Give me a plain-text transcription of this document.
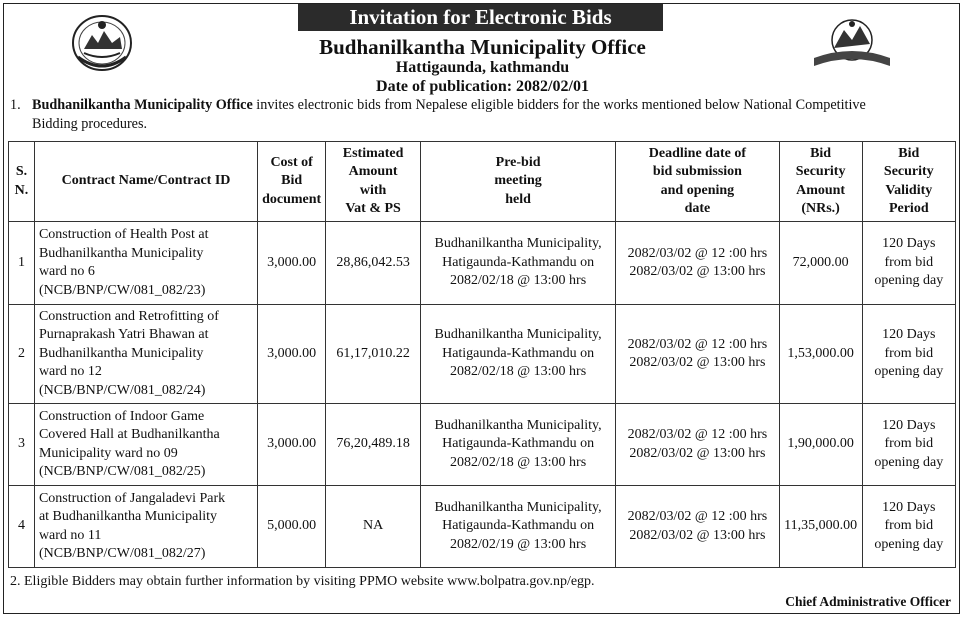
Invitation for Electronic Bids
Budhanilkantha Municipality Office
Hattigaunda, kathmandu
Date of publication: 2082/02/01
1. Budhanilkantha Municipality Office invites electronic bids from Nepalese eligible bidders for the works mentioned below National Competitive
Bidding procedures.
S.
N.	Contract Name/Contract ID	Cost of
Bid
document	Estimated
Amount
with
Vat & PS	Pre-bid
meeting
held	Deadline date of
bid submission
and opening
date	Bid
Security
Amount
(NRs.)	Bid
Security
Validity
Period
1	Construction of Health Post at
Budhanilkantha Municipality
ward no 6
(NCB/BNP/CW/081_082/23)	3,000.00	28,86,042.53	Budhanilkantha Municipality,
Hatigaunda-Kathmandu on
2082/02/18 @ 13:00 hrs	2082/03/02 @ 12 :00 hrs
2082/03/02 @ 13:00 hrs	72,000.00	120 Days
from bid
opening day
2	Construction and Retrofitting of
Purnaprakash Yatri Bhawan at
Budhanilkantha Municipality
ward no 12
(NCB/BNP/CW/081_082/24)	3,000.00	61,17,010.22	Budhanilkantha Municipality,
Hatigaunda-Kathmandu on
2082/02/18 @ 13:00 hrs	2082/03/02 @ 12 :00 hrs
2082/03/02 @ 13:00 hrs	1,53,000.00	120 Days
from bid
opening day
3	Construction of Indoor Game
Covered Hall at Budhanilkantha
Municipality ward no 09
(NCB/BNP/CW/081_082/25)	3,000.00	76,20,489.18	Budhanilkantha Municipality,
Hatigaunda-Kathmandu on
2082/02/18 @ 13:00 hrs	2082/03/02 @ 12 :00 hrs
2082/03/02 @ 13:00 hrs	1,90,000.00	120 Days
from bid
opening day
4	Construction of Jangaladevi Park
at Budhanilkantha Municipality
ward no 11
(NCB/BNP/CW/081_082/27)	5,000.00	NA	Budhanilkantha Municipality,
Hatigaunda-Kathmandu on
2082/02/19 @ 13:00 hrs	2082/03/02 @ 12 :00 hrs
2082/03/02 @ 13:00 hrs	11,35,000.00	120 Days
from bid
opening day
2. Eligible Bidders may obtain further information by visiting PPMO website www.bolpatra.gov.np/egp.
Chief Administrative Officer
